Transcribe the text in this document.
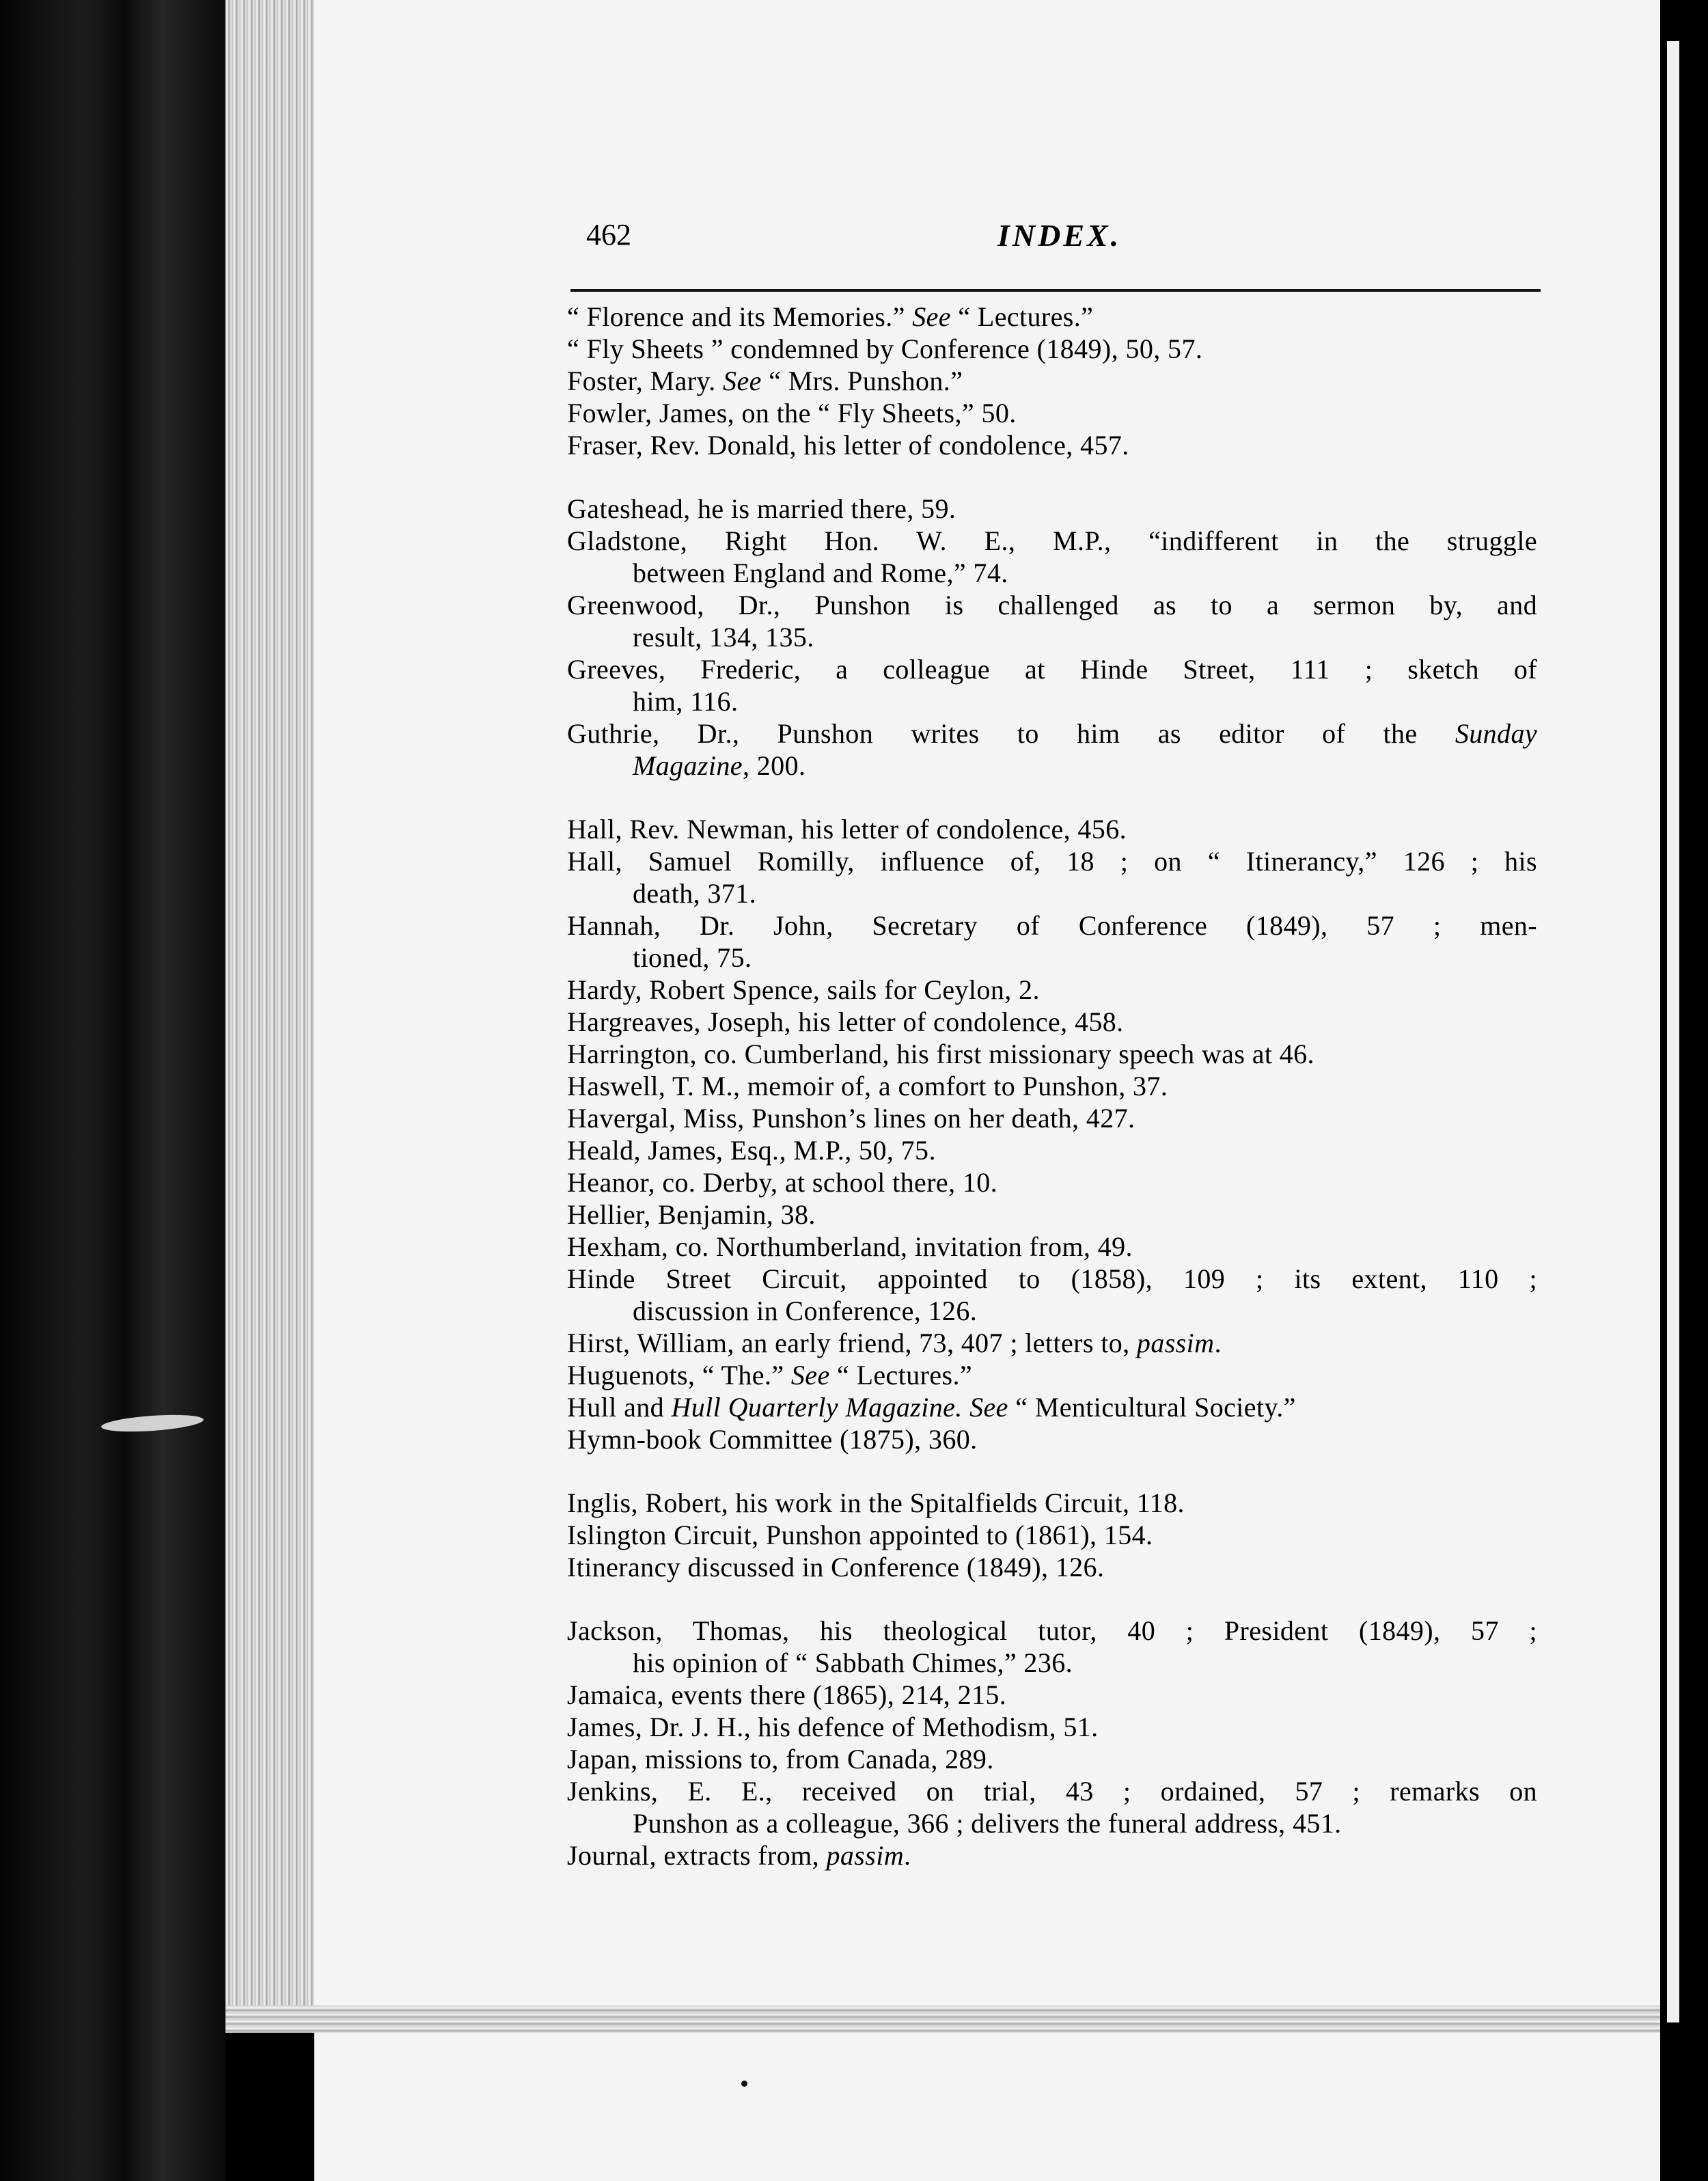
462	INDEX.

“ Florence and its Memories.” See “ Lectures.”

“ Fly Sheets ” condemned by Conference (1849), 50, 57.

Foster, Mary. See “ Mrs. Punshon.”

Fowler, James, on the “ Fly Sheets,” 50.

Fraser, Rev. Donald, his letter of condolence, 457.

Gateshead, he is married there, 59.

Gladstone, Right Hon. W. E., M.P., “indifferent in the struggle
between England and Rome,” 74.

Greenwood, Dr., Punshon is challenged as to a sermon by, and
result, 134, 135.

Greeves, Frederic, a colleague at Hinde Street, 111 ; sketch of
him, 116.

Guthrie, Dr., Punshon writes to him as editor of the Sunday
Magazine, 200.

Hall, Rev. Newman, his letter of condolence, 456.

Hall, Samuel Romilly, influence of, 18 ; on “ Itinerancy,” 126 ; his
death, 371.

Hannah, Dr. John, Secretary of Conference (1849), 57 ; men-
tioned, 75.

Hardy, Robert Spence, sails for Ceylon, 2.

Hargreaves, Joseph, his letter of condolence, 458.

Harrington, co. Cumberland, his first missionary speech was at 46.

Haswell, T. M., memoir of, a comfort to Punshon, 37.

Havergal, Miss, Punshon’s lines on her death, 427.

Heald, James, Esq., M.P., 50, 75.

Heanor, co. Derby, at school there, 10.

Hellier, Benjamin, 38.

Hexham, co. Northumberland, invitation from, 49.

Hinde Street Circuit, appointed to (1858), 109 ; its extent, 110 ;
discussion in Conference, 126.

Hirst, William, an early friend, 73, 407 ; letters to, passim.

Huguenots, “ The.” See “ Lectures.”

Hull and Hull Quarterly Magazine. See “ Menticultural Society.”

Hymn-book Committee (1875), 360.

Inglis, Robert, his work in the Spitalfields Circuit, 118.

Islington Circuit, Punshon appointed to (1861), 154.

Itinerancy discussed in Conference (1849), 126.

Jackson, Thomas, his theological tutor, 40 ; President (1849), 57 ;
his opinion of “ Sabbath Chimes,” 236.

Jamaica, events there (1865), 214, 215.

James, Dr. J. H., his defence of Methodism, 51.

Japan, missions to, from Canada, 289.

Jenkins, E. E., received on trial, 43 ; ordained, 57 ; remarks on
Punshon as a colleague, 366 ; delivers the funeral address, 451.

Journal, extracts from, passim.
